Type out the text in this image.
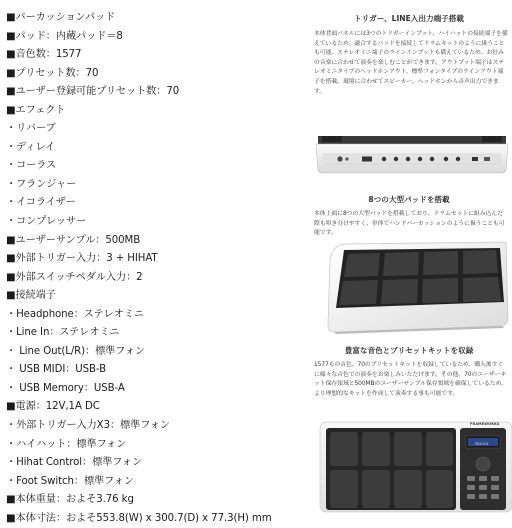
■パーカッションパッド
■パッド：内蔵パッド＝8
■音色数：1577
■プリセット数：70
■ユーザー登録可能プリセット数：70
■エフェクト
・リバーブ
・ディレイ
・コーラス
・フランジャー
・イコライザー
・コンプレッサー
■ユーザーサンプル：500MB
■外部トリガー入力：3 + HIHAT
■外部スイッチペダル入力：2
■接続端子
・Headphone：ステレオミニ
・Line In：ステレオミニ
・ Line Out(L/R)：標準フォン
・ USB MIDI：USB-B
・ USB Memory：USB-A
■電源：12V,1A DC
・外部トリガー入力X3：標準フォン
・ハイハット：標準フォン
・Hihat Control：標準フォン
・Foot Switch：標準フォン
■本体重量：およそ3.76 kg
■本体寸法：およそ553.8(W) x 300.7(D) x 77.3(H) mm
トリガー、LINE入出力端子搭載
本体背面パネルには3つのトリガーインプット、ハイハットの接続端子を備えているため、適合するパッドを接続してドラムキットのように扱うことも可能。ステレオミニ端子のラインインプットも備えているため、お好みの音楽に合わせて演奏を楽しむことができます。アウトプット端子はステレオミニタイプのヘッドホンアウト、標準フォンタイプのラインアウト端子を搭載。環境に合わせてスピーカー、ヘッドホンから音声出力できます。
8つの大型パッドを搭載
本体上面に8つの大型パッドを搭載しており、ドラムセットに組み込んだ際も叩き分けやすく、単体でハンドパーカッションのように扱うことも可能です。
豊富な音色とプリセットキットを収録
1577もの音色、70のプリセットキットを収録しているため、購入後すぐに様々な音色での演奏をお楽しみいただけます。その他、70のユーザーキット保存領域と500MBのユーザーサンプル保存領域を確保しているため、より理想的なキットを作成して演奏する事も可能です。
FRAMEWORKS
PDX-001
